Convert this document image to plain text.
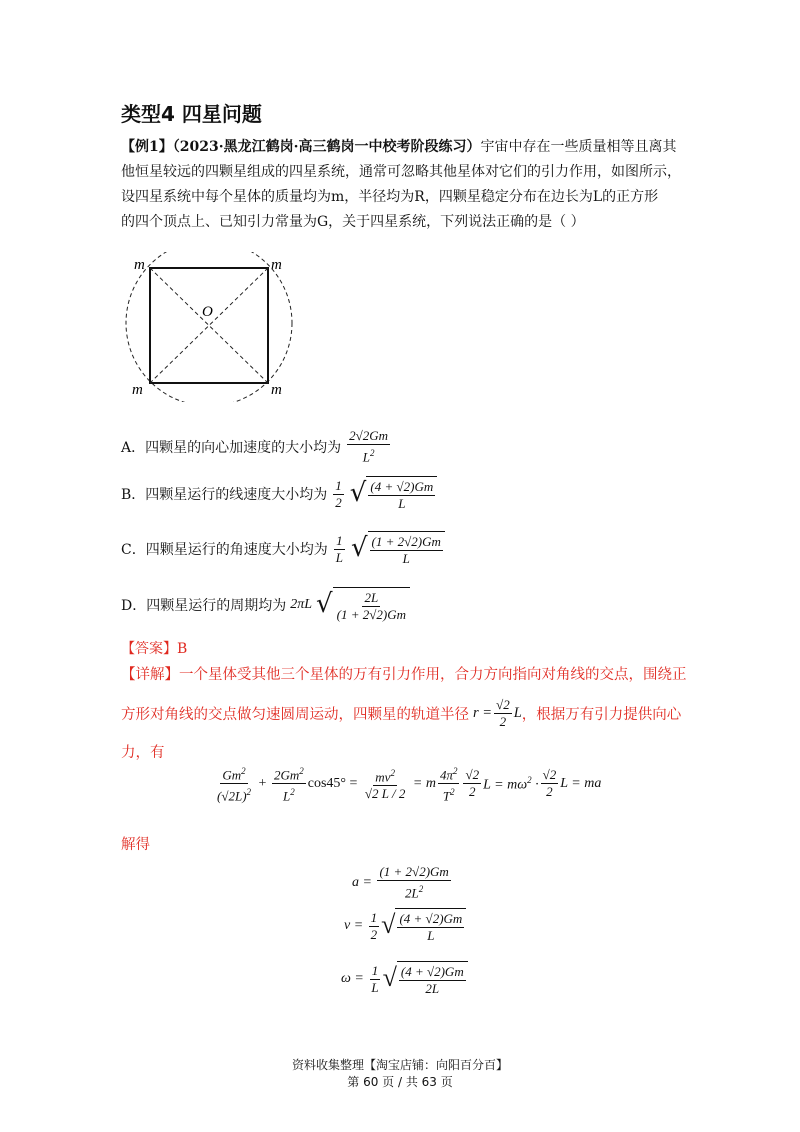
类型4 四星问题
【例1】（2023·黑龙江鹤岗·高三鹤岗一中校考阶段练习）宇宙中存在一些质量相等且离其
他恒星较远的四颗星组成的四星系统，通常可忽略其他星体对它们的引力作用，如图所示，
设四星系统中每个星体的质量均为m，半径均为R，四颗星稳定分布在边长为L的正方形
的四个顶点上、已知引力常量为G，关于四星系统，下列说法正确的是（ ）
m	m
m	m
O
A．四颗星的向心加速度的大小均为 $\frac{2√2Gm}{L^2}$
B．四颗星运行的线速度大小均为 $\frac{1}{2}$ √ $\frac{(4 + √2)Gm}{L}$
C．四颗星运行的角速度大小均为 $\frac{1}{L}$ √ $\frac{(1 + 2√2)Gm}{L}$
D．四颗星运行的周期均为 2πL √ $\frac{2L}{(1 + 2√2)Gm}$
【答案】B
【详解】一个星体受其他三个星体的万有引力作用，合力方向指向对角线的交点，围绕正
方形对角线的交点做匀速圆周运动，四颗星的轨道半径 $r = \frac{√2}{2}$ L ，根据万有引力提供向心
力，有
$\frac{Gm^2}{(√2L)^2} + \frac{2Gm^2}{L^2} \cos 45^\circ = \frac{mv^2}{√2 L / 2} = m \frac{4\pi^2}{T^2} \frac{√2}{2}$ $L = m\omega^2 \cdot \frac{√2}{2}$ L = ma
解得
$a = \frac{(1 + 2√2)Gm}{2L^2}$
$v = \frac{1}{2}$ √ $\frac{(4 + √2)Gm}{L}$
$\omega = \frac{1}{L}$ √ $\frac{(4 + √2)Gm}{2L}$
资料收集整理【淘宝店铺：向阳百分百】
第 60 页 / 共 63 页
